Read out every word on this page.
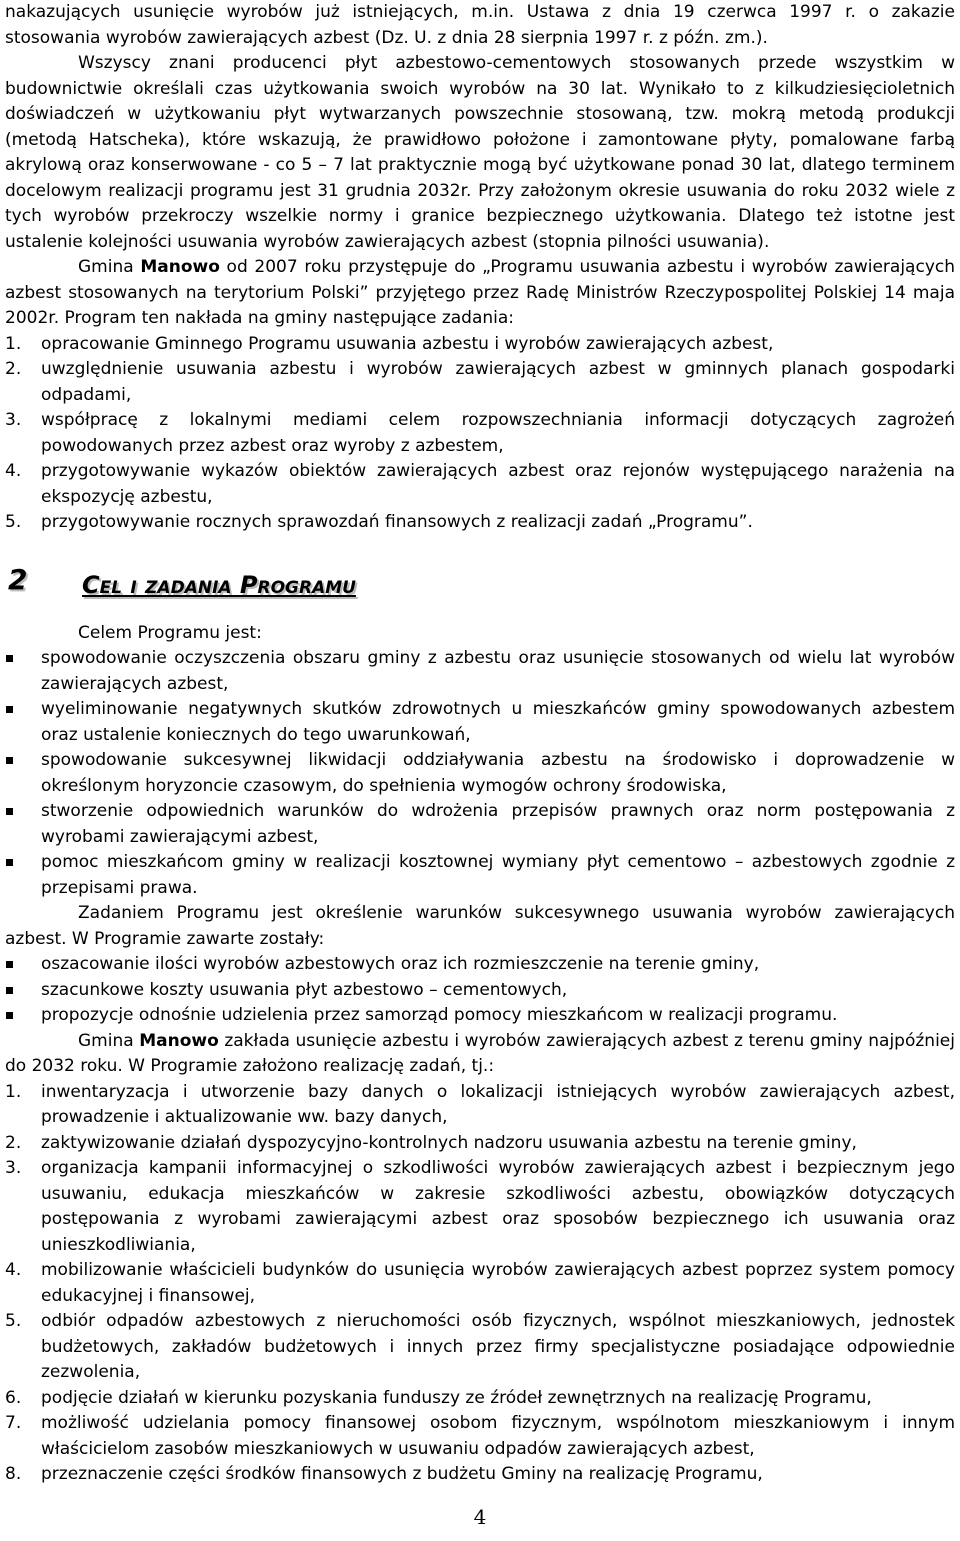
nakazujących usunięcie wyrobów już istniejących, m.in. Ustawa z dnia 19 czerwca 1997 r. o zakazie

stosowania wyrobów zawierających azbest (Dz. U. z dnia 28 sierpnia 1997 r. z późn. zm.).

Wszyscy znani producenci płyt azbestowo-cementowych stosowanych przede wszystkim w budownictwie określali czas użytkowania swoich wyrobów na 30 lat. Wynikało to z kilkudziesięcioletnich doświadczeń w użytkowaniu płyt wytwarzanych powszechnie stosowaną, tzw. mokrą metodą produkcji (metodą Hatscheka), które wskazują, że prawidłowo położone i zamontowane płyty, pomalowane farbą akrylową oraz konserwowane - co 5 – 7 lat praktycznie mogą być użytkowane ponad 30 lat, dlatego terminem docelowym realizacji programu jest 31 grudnia 2032r. Przy założonym okresie usuwania do roku 2032 wiele z tych wyrobów przekroczy wszelkie normy i granice bezpiecznego użytkowania. Dlatego też istotne jest ustalenie kolejności usuwania wyrobów zawierających azbest (stopnia pilności usuwania).

Gmina Manowo od 2007 roku przystępuje do „Programu usuwania azbestu i wyrobów zawierających azbest stosowanych na terytorium Polski” przyjętego przez Radę Ministrów Rzeczypospolitej Polskiej 14 maja 2002r. Program ten nakłada na gminy następujące zadania:

1. opracowanie Gminnego Programu usuwania azbestu i wyrobów zawierających azbest,
2. uwzględnienie usuwania azbestu i wyrobów zawierających azbest w gminnych planach gospodarki odpadami,
3. współpracę z lokalnymi mediami celem rozpowszechniania informacji dotyczących zagrożeń powodowanych przez azbest oraz wyroby z azbestem,
4. przygotowywanie wykazów obiektów zawierających azbest oraz rejonów występującego narażenia na ekspozycję azbestu,
5. przygotowywanie rocznych sprawozdań finansowych z realizacji zadań „Programu”.
2 Cel i zadania Programu

Celem Programu jest:

spowodowanie oczyszczenia obszaru gminy z azbestu oraz usunięcie stosowanych od wielu lat wyrobów zawierających azbest,
wyeliminowanie negatywnych skutków zdrowotnych u mieszkańców gminy spowodowanych azbestem oraz ustalenie koniecznych do tego uwarunkowań,
spowodowanie sukcesywnej likwidacji oddziaływania azbestu na środowisko i doprowadzenie w określonym horyzoncie czasowym, do spełnienia wymogów ochrony środowiska,
stworzenie odpowiednich warunków do wdrożenia przepisów prawnych oraz norm postępowania z wyrobami zawierającymi azbest,
pomoc mieszkańcom gminy w realizacji kosztownej wymiany płyt cementowo – azbestowych zgodnie z przepisami prawa.

Zadaniem Programu jest określenie warunków sukcesywnego usuwania wyrobów zawierających azbest. W Programie zawarte zostały:

oszacowanie ilości wyrobów azbestowych oraz ich rozmieszczenie na terenie gminy,
szacunkowe koszty usuwania płyt azbestowo – cementowych,
propozycje odnośnie udzielenia przez samorząd pomocy mieszkańcom w realizacji programu.

Gmina Manowo zakłada usunięcie azbestu i wyrobów zawierających azbest z terenu gminy najpóźniej do 2032 roku. W Programie założono realizację zadań, tj.:

1. inwentaryzacja i utworzenie bazy danych o lokalizacji istniejących wyrobów zawierających azbest, prowadzenie i aktualizowanie ww. bazy danych,
2. zaktywizowanie działań dyspozycyjno-kontrolnych nadzoru usuwania azbestu na terenie gminy,
3. organizacja kampanii informacyjnej o szkodliwości wyrobów zawierających azbest i bezpiecznym jego usuwaniu, edukacja mieszkańców w zakresie szkodliwości azbestu, obowiązków dotyczących postępowania z wyrobami zawierającymi azbest oraz sposobów bezpiecznego ich usuwania oraz unieszkodliwiania,
4. mobilizowanie właścicieli budynków do usunięcia wyrobów zawierających azbest poprzez system pomocy edukacyjnej i finansowej,
5. odbiór odpadów azbestowych z nieruchomości osób fizycznych, wspólnot mieszkaniowych, jednostek budżetowych, zakładów budżetowych i innych przez firmy specjalistyczne posiadające odpowiednie zezwolenia,
6. podjęcie działań w kierunku pozyskania funduszy ze źródeł zewnętrznych na realizację Programu,
7. możliwość udzielania pomocy finansowej osobom fizycznym, wspólnotom mieszkaniowym i innym właścicielom zasobów mieszkaniowych w usuwaniu odpadów zawierających azbest,
8. przeznaczenie części środków finansowych z budżetu Gminy na realizację Programu,
4
